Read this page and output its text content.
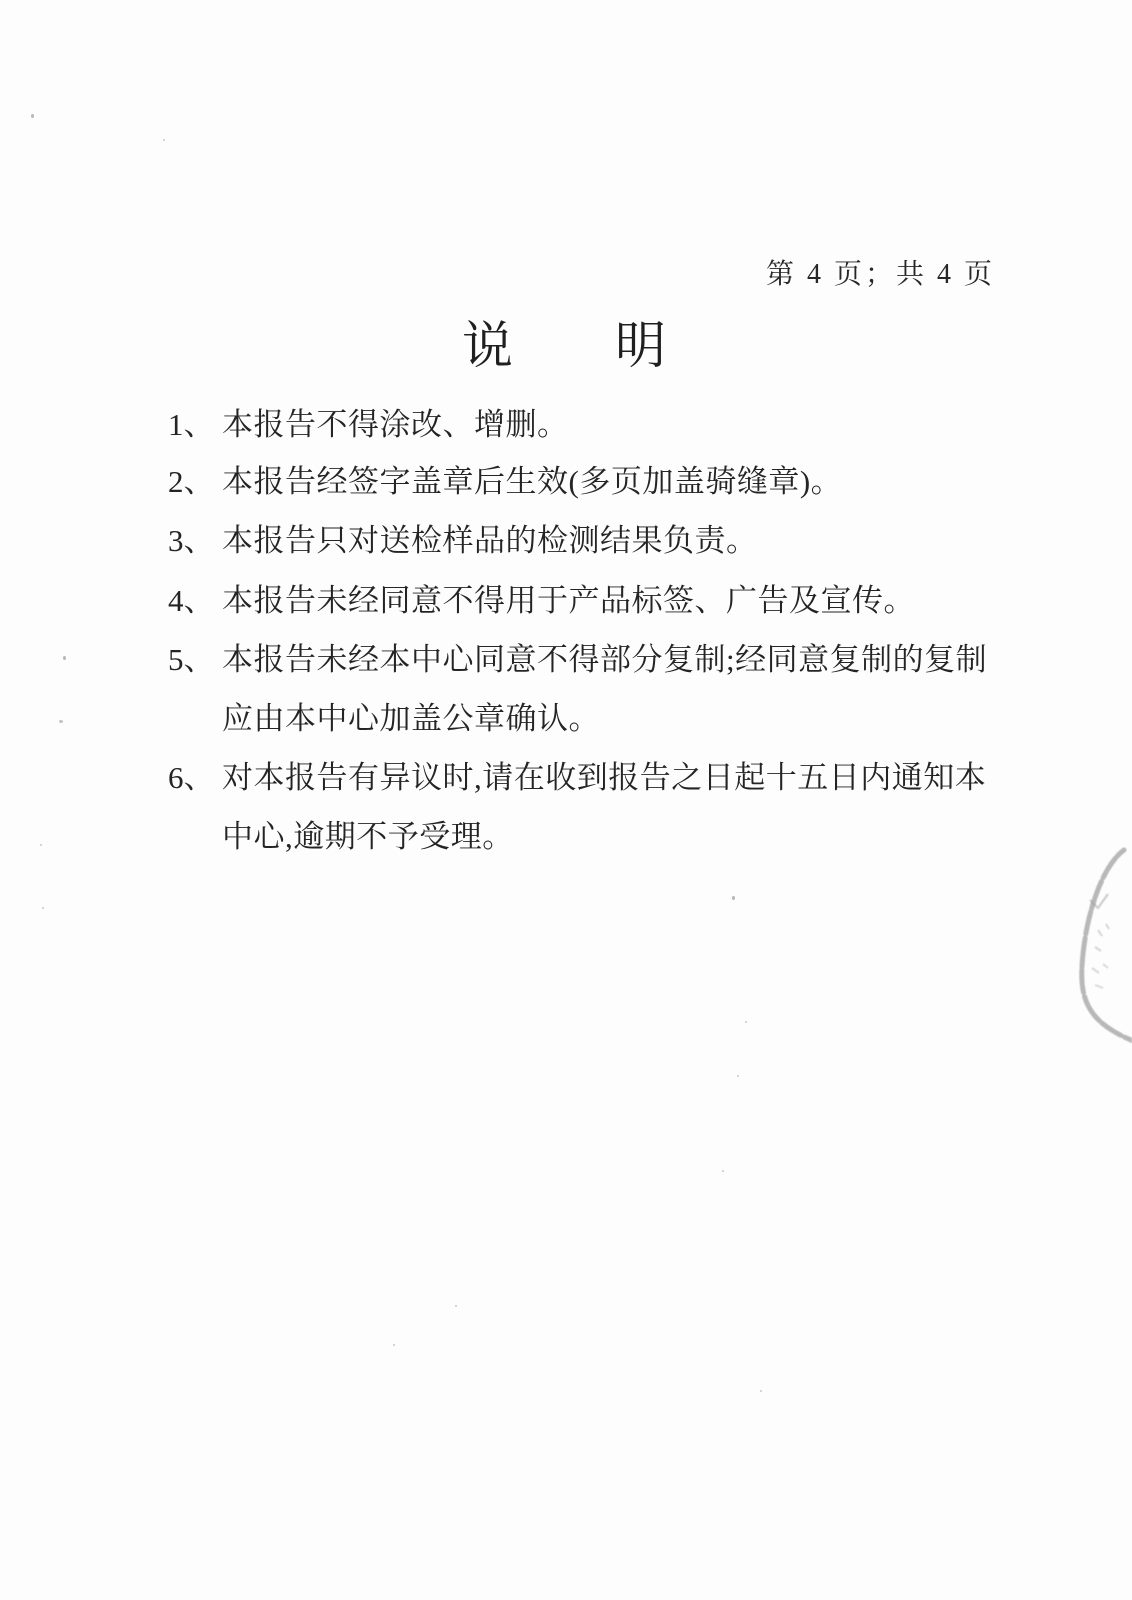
第 4 页；共 4 页
说 明
1、 本报告不得涂改、增删。
2、 本报告经签字盖章后生效(多页加盖骑缝章)。
3、 本报告只对送检样品的检测结果负责。
4、 本报告未经同意不得用于产品标签、广告及宣传。
5、 本报告未经本中心同意不得部分复制;经同意复制的复制
应由本中心加盖公章确认。
6、 对本报告有异议时,请在收到报告之日起十五日内通知本
中心,逾期不予受理。
